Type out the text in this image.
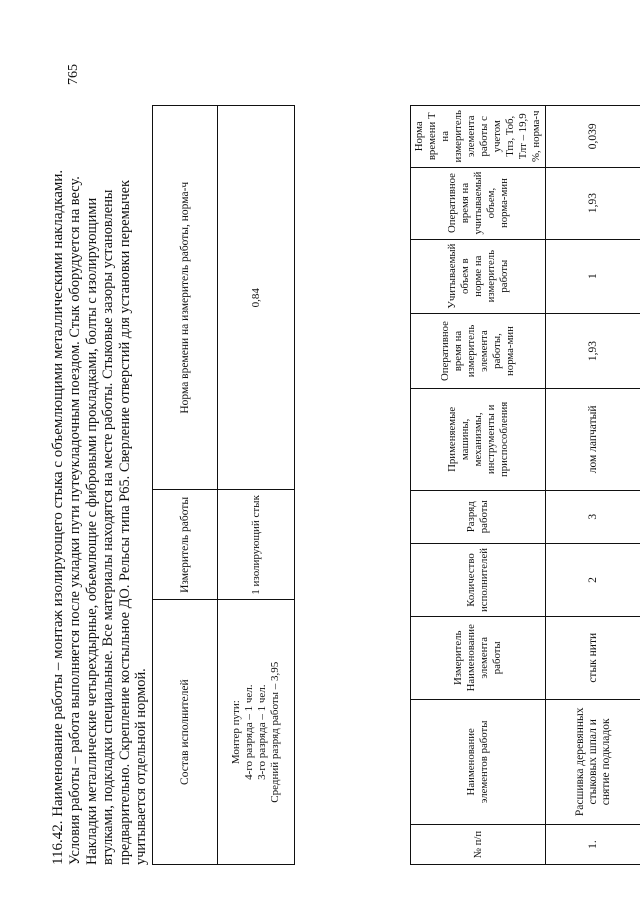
765
116.42. Наименование работы – монтаж изолирующего стыка с объемлющими металлическими накладками. Условия работы – работа выполняется после укладки пути путеукладочным поездом. Стык оборудуется на весу. Накладки металлические четырехдырные, объемлющие с фибровыми прокладками, болты с изолирующими втулками, подкладки специальные. Все материалы находятся на месте работы. Стыковые зазоры установлены предварительно. Скрепление костыльное ДО. Рельсы типа Р65. Сверление отверстий для установки перемычек учитывается отдельной нормой.	Состав исполнителей	Измеритель работы	Норма времени на измеритель работы, норма-ч

Монтер пути: 4-го разряда – 1 чел. 3-го разряда – 1 чел. Средний разряд работы – 3,95	1 изолирующий стык	0,84
№ п/п	Наименование элементов работы	Измеритель Наименование элемента работы	Количество исполнителей	Разряд работы	Применяемые машины, механизмы, инструменты и приспособления	Оперативное время на измеритель элемента работы, норма-мин	Учитываемый объем в норме на измеритель работы	Оперативное время на учитываемый объем, норма-мин	Норма времени T на измеритель элемента работы с учетом Тпз, Тоб, Тлт – 19,9 %, норма-ч
1.	Расшивка деревянных стыковых шпал и снятие подкладок	стык нити	2	3	лом лапчатый	1,93	1	1,93	0,039
